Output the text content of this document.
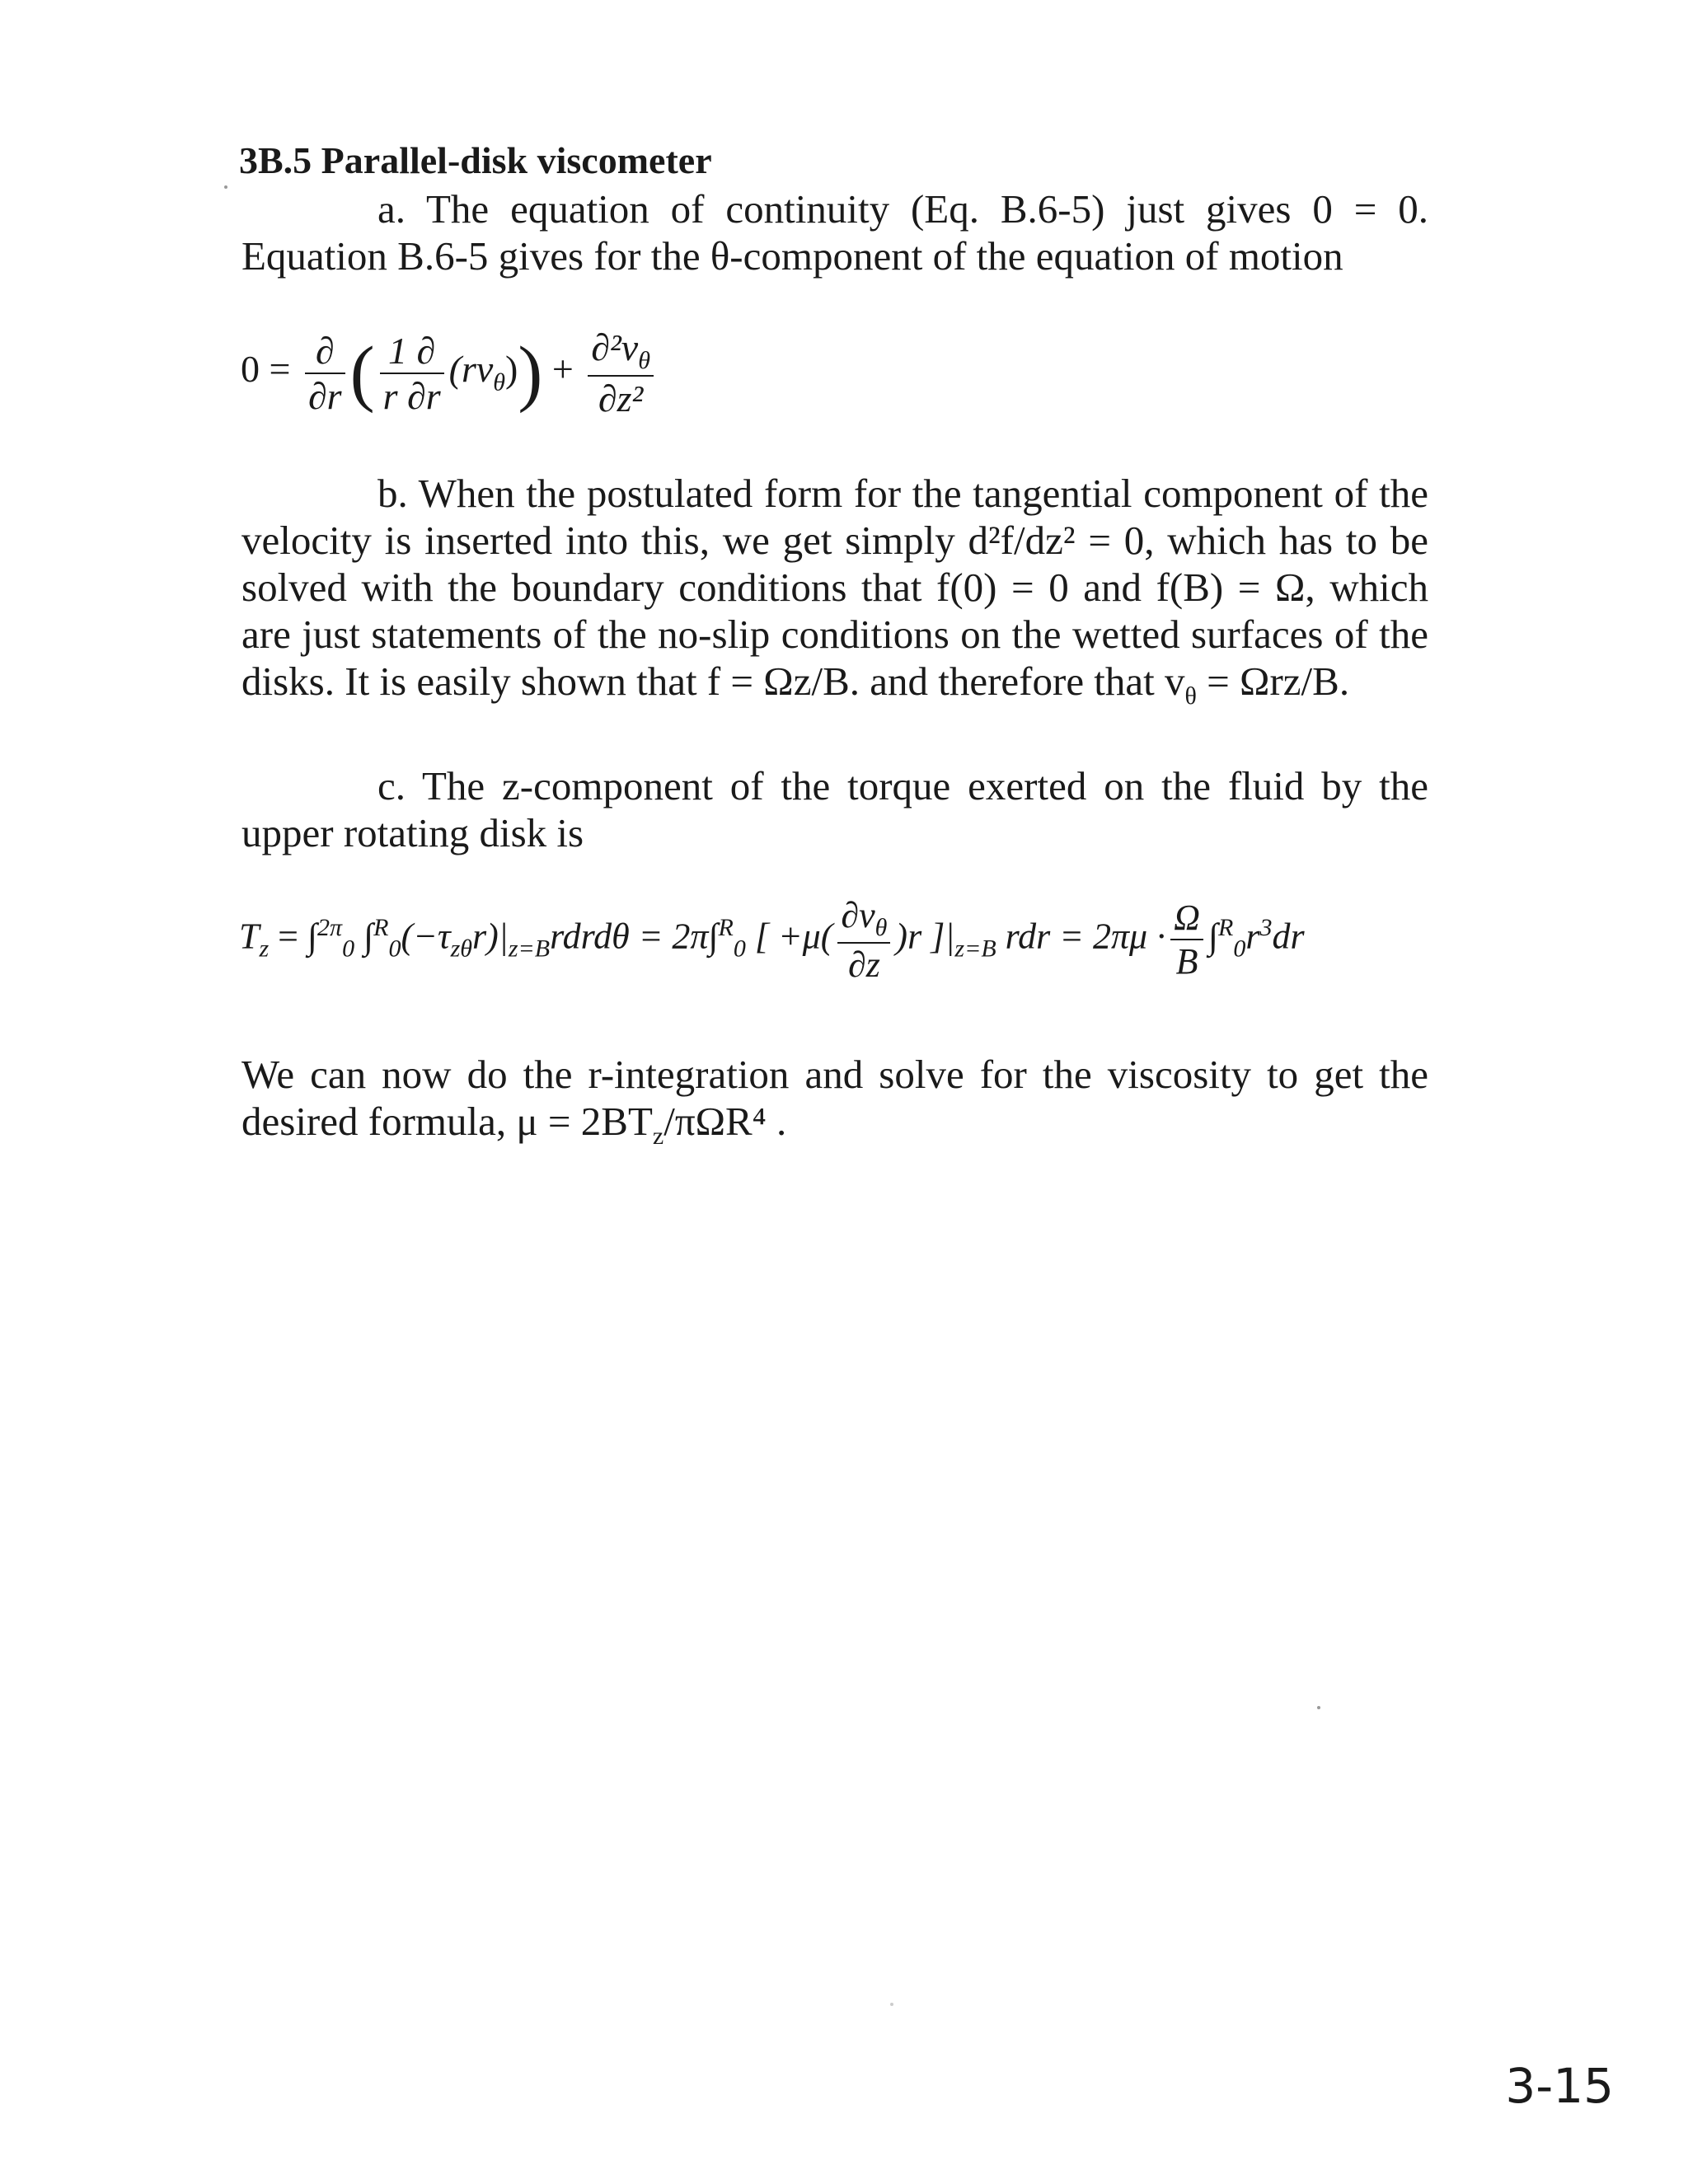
3B.5 Parallel-disk viscometer
a. The equation of continuity (Eq. B.6-5) just gives 0 = 0. Equation B.6-5 gives for the θ-component of the equation of motion
$0 = \frac{\partial}{\partial r}$ ( $\frac{1 \partial}{r \partial r} (rv_\theta)) + \frac{\partial^2v_\theta}{\text{∂z²}}$
b. When the postulated form for the tangential component of the velocity is inserted into this, we get simply d²f/dz² = 0, which has to be solved with the boundary conditions that f(0) = 0 and f(B) = Ω, which are just statements of the no-slip conditions on the wetted surfaces of the disks. It is easily shown that f = Ωz/B. and therefore that $v_\theta = \Omega rz/B$.
c. The z-component of the torque exerted on the fluid by the upper rotating disk is
$T_z = \int^{2\pi}_0$ $\int^R_0(-\tau_{z\theta}r)|_{z=B}rdrd\theta = 2\pi\int^R_0$ [ $+\mu( \frac{\partial v_\theta}{\partial z} )r$ ]$|_{z=B}$ rdr = $2\pi\mu \cdot \frac{\Omega}{B} \int^R_0r^3dr$
We can now do the r-integration and solve for the viscosity to get the desired formula, $\mu = 2BT_z$/πΩR⁴ .
3-15
